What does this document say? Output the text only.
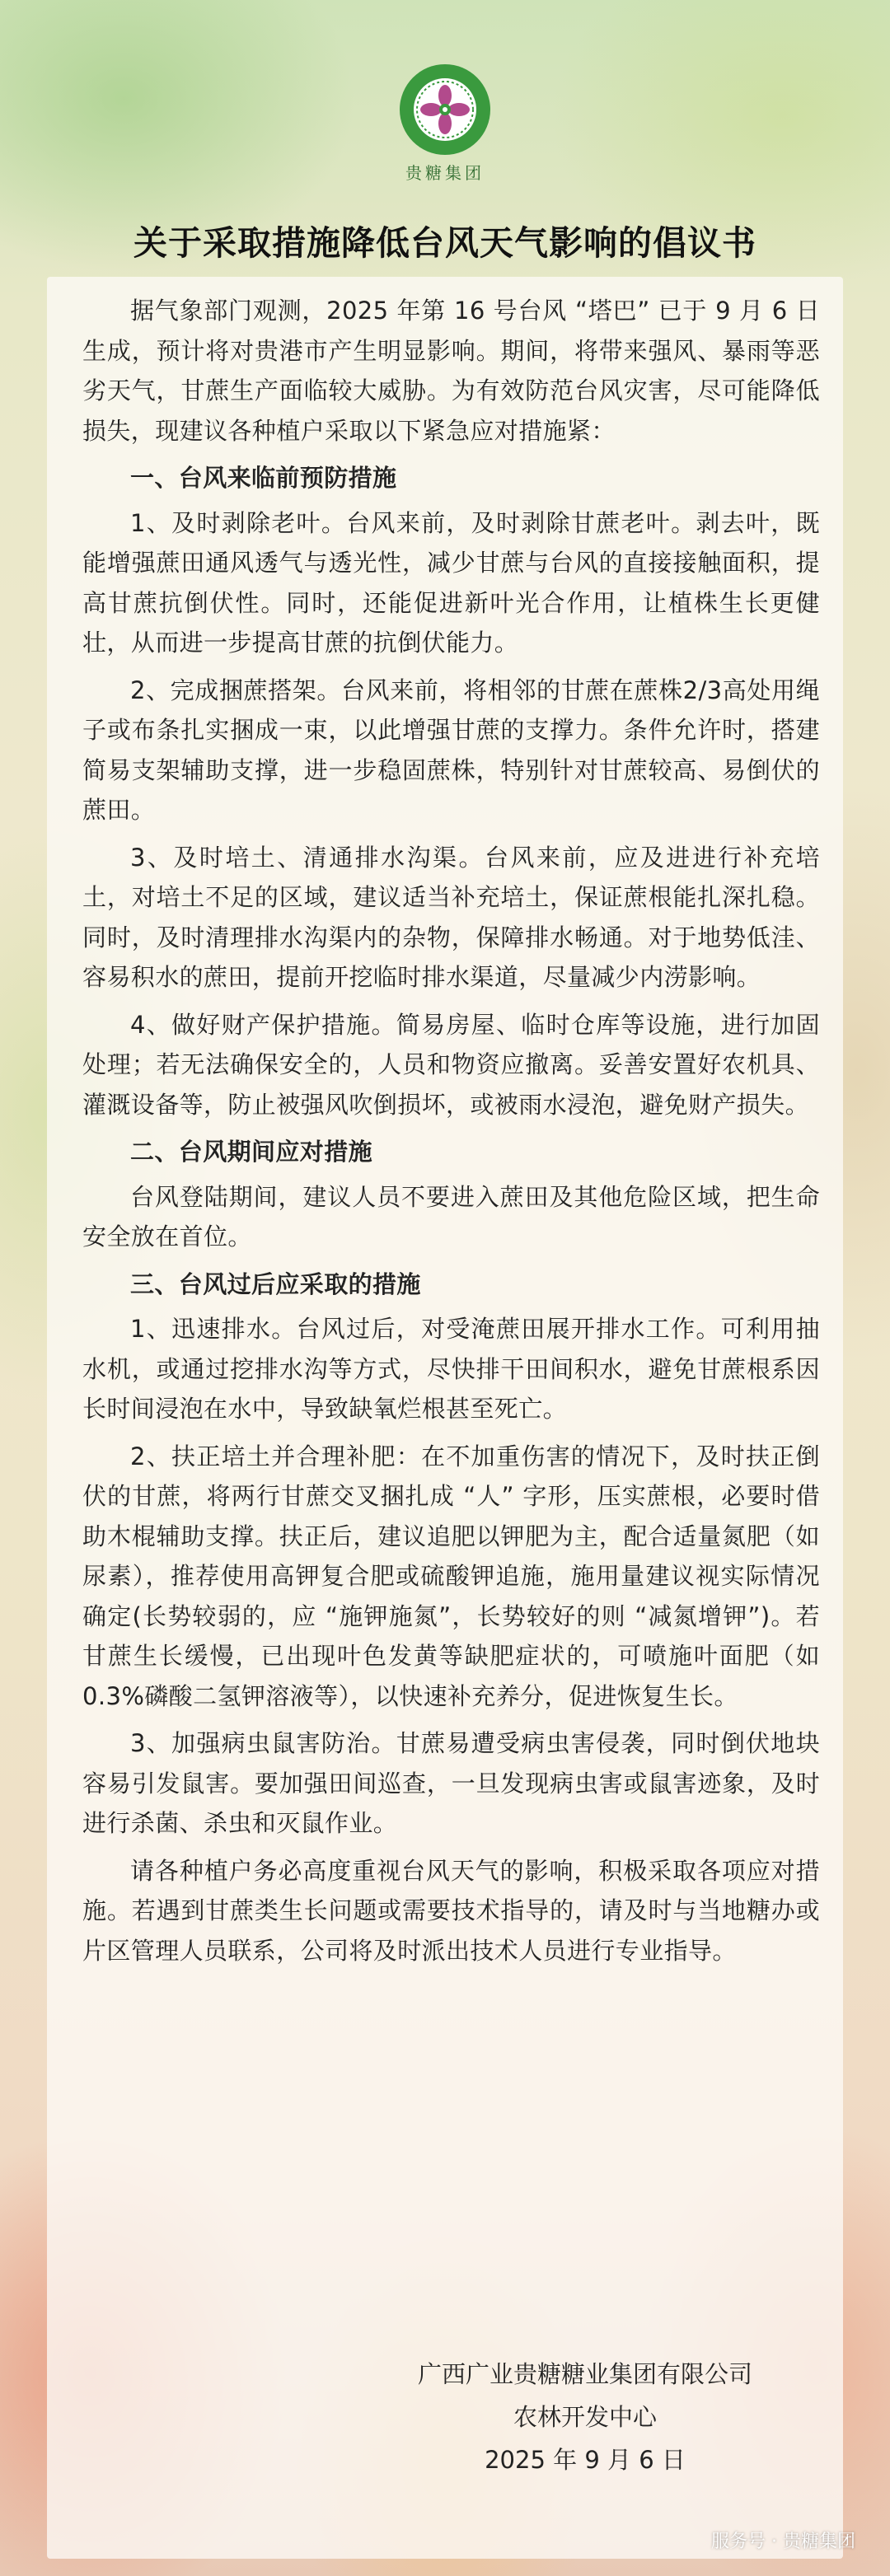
贵糖集团
关于采取措施降低台风天气影响的倡议书

据气象部门观测，2025 年第 16 号台风 “塔巴” 已于 9 月 6 日生成，预计将对贵港市产生明显影响。期间，将带来强风、暴雨等恶劣天气，甘蔗生产面临较大威胁。为有效防范台风灾害，尽可能降低损失，现建议各种植户采取以下紧急应对措施紧：

一、台风来临前预防措施

1、及时剥除老叶。台风来前，及时剥除甘蔗老叶。剥去叶，既能增强蔗田通风透气与透光性，减少甘蔗与台风的直接接触面积，提高甘蔗抗倒伏性。同时，还能促进新叶光合作用，让植株生长更健壮，从而进一步提高甘蔗的抗倒伏能力。

2、完成捆蔗搭架。台风来前，将相邻的甘蔗在蔗株2/3高处用绳子或布条扎实捆成一束，以此增强甘蔗的支撑力。条件允许时，搭建简易支架辅助支撑，进一步稳固蔗株，特别针对甘蔗较高、易倒伏的蔗田。

3、及时培土、清通排水沟渠。台风来前，应及进进行补充培土，对培土不足的区域，建议适当补充培土，保证蔗根能扎深扎稳。同时，及时清理排水沟渠内的杂物，保障排水畅通。对于地势低洼、容易积水的蔗田，提前开挖临时排水渠道，尽量减少内涝影响。

4、做好财产保护措施。简易房屋、临时仓库等设施，进行加固处理；若无法确保安全的，人员和物资应撤离。妥善安置好农机具、灌溉设备等，防止被强风吹倒损坏，或被雨水浸泡，避免财产损失。

二、台风期间应对措施

台风登陆期间，建议人员不要进入蔗田及其他危险区域，把生命安全放在首位。

三、台风过后应采取的措施

1、迅速排水。台风过后，对受淹蔗田展开排水工作。可利用抽水机，或通过挖排水沟等方式，尽快排干田间积水，避免甘蔗根系因长时间浸泡在水中，导致缺氧烂根甚至死亡。

2、扶正培土并合理补肥：在不加重伤害的情况下，及时扶正倒伏的甘蔗，将两行甘蔗交叉捆扎成 “人” 字形，压实蔗根，必要时借助木棍辅助支撑。扶正后，建议追肥以钾肥为主，配合适量氮肥（如尿素），推荐使用高钾复合肥或硫酸钾追施，施用量建议视实际情况确定(长势较弱的，应 “施钾施氮”，长势较好的则 “减氮增钾”)。若甘蔗生长缓慢，已出现叶色发黄等缺肥症状的，可喷施叶面肥（如0.3%磷酸二氢钾溶液等），以快速补充养分，促进恢复生长。

3、加强病虫鼠害防治。甘蔗易遭受病虫害侵袭，同时倒伏地块容易引发鼠害。要加强田间巡查，一旦发现病虫害或鼠害迹象，及时进行杀菌、杀虫和灭鼠作业。

请各种植户务必高度重视台风天气的影响，积极采取各项应对措施。若遇到甘蔗类生长问题或需要技术指导的，请及时与当地糖办或片区管理人员联系，公司将及时派出技术人员进行专业指导。

广西广业贵糖糖业集团有限公司
农林开发中心
2025 年 9 月 6 日
服务号 · 贵糖集团
